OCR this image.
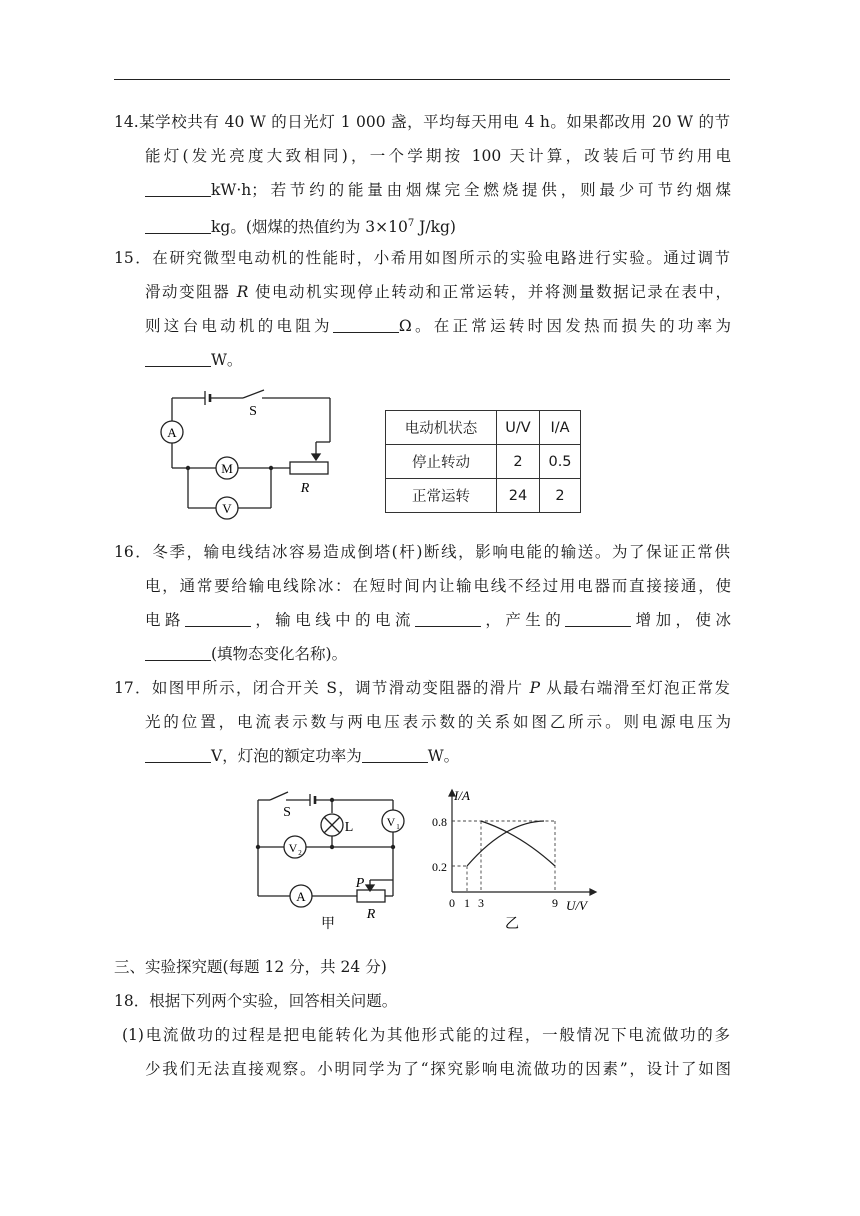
14.某学校共有 40 W 的日光灯 1 000 盏，平均每天用电 4 h。如果都改用 20 W 的节
能灯(发光亮度大致相同)，一个学期按 100 天计算，改装后可节约用电
kW·h；若节约的能量由烟煤完全燃烧提供，则最少可节约烟煤
kg。(烟煤的热值约为 $3\times 10^7$ J/kg)
15．在研究微型电动机的性能时，小希用如图所示的实验电路进行实验。通过调节
滑动变阻器 R 使电动机实现停止转动和正常运转，并将测量数据记录在表中，
则这台电动机的电阻为	Ω。在正常运转时因发热而损失的功率为
W。
S
A
M
V
R
电动机状态	U/V	I/A
停止转动	2	0.5
正常运转	24	2
16．冬季，输电线结冰容易造成倒塔(杆)断线，影响电能的输送。为了保证正常供
电，通常要给输电线除冰：在短时间内让输电线不经过用电器而直接接通，使
电路	，输电线中的电流	，产生的	增加，使冰
(填物态变化名称)。
17．如图甲所示，闭合开关 S，调节滑动变阻器的滑片 P 从最右端滑至灯泡正常发
光的位置，电流表示数与两电压表示数的关系如图乙所示。则电源电压为
V，灯泡的额定功率为	W。
S
L	V 1
V 2
A
P
R
甲
I/A
U/V
0.8
0.2
0 1 3	9
乙
三、实验探究题(每题 12 分，共 24 分)
18．根据下列两个实验，回答相关问题。
(1)电流做功的过程是把电能转化为其他形式能的过程，一般情况下电流做功的多
少我们无法直接观察。小明同学为了“探究影响电流做功的因素”，设计了如图
